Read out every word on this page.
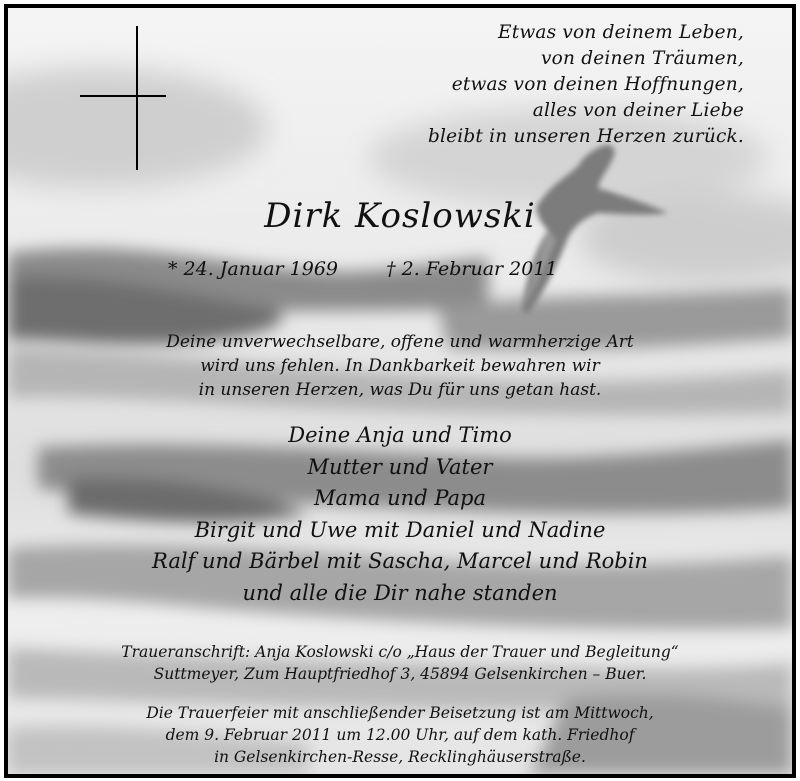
Etwas von deinem Leben,
von deinen Träumen,
etwas von deinen Hoffnungen,
alles von deiner Liebe
bleibt in unseren Herzen zurück.
Dirk Koslowski
* 24. Januar 1969	† 2. Februar 2011
Deine unverwechselbare, offene und warmherzige Art
wird uns fehlen. In Dankbarkeit bewahren wir
in unseren Herzen, was Du für uns getan hast.
Deine Anja und Timo
Mutter und Vater
Mama und Papa
Birgit und Uwe mit Daniel und Nadine
Ralf und Bärbel mit Sascha, Marcel und Robin
und alle die Dir nahe standen
Traueranschrift: Anja Koslowski c/o „Haus der Trauer und Begleitung“
Suttmeyer, Zum Hauptfriedhof 3, 45894 Gelsenkirchen – Buer.
Die Trauerfeier mit anschließender Beisetzung ist am Mittwoch,
dem 9. Februar 2011 um 12.00 Uhr, auf dem kath. Friedhof
in Gelsenkirchen-Resse, Recklinghäuserstraße.
